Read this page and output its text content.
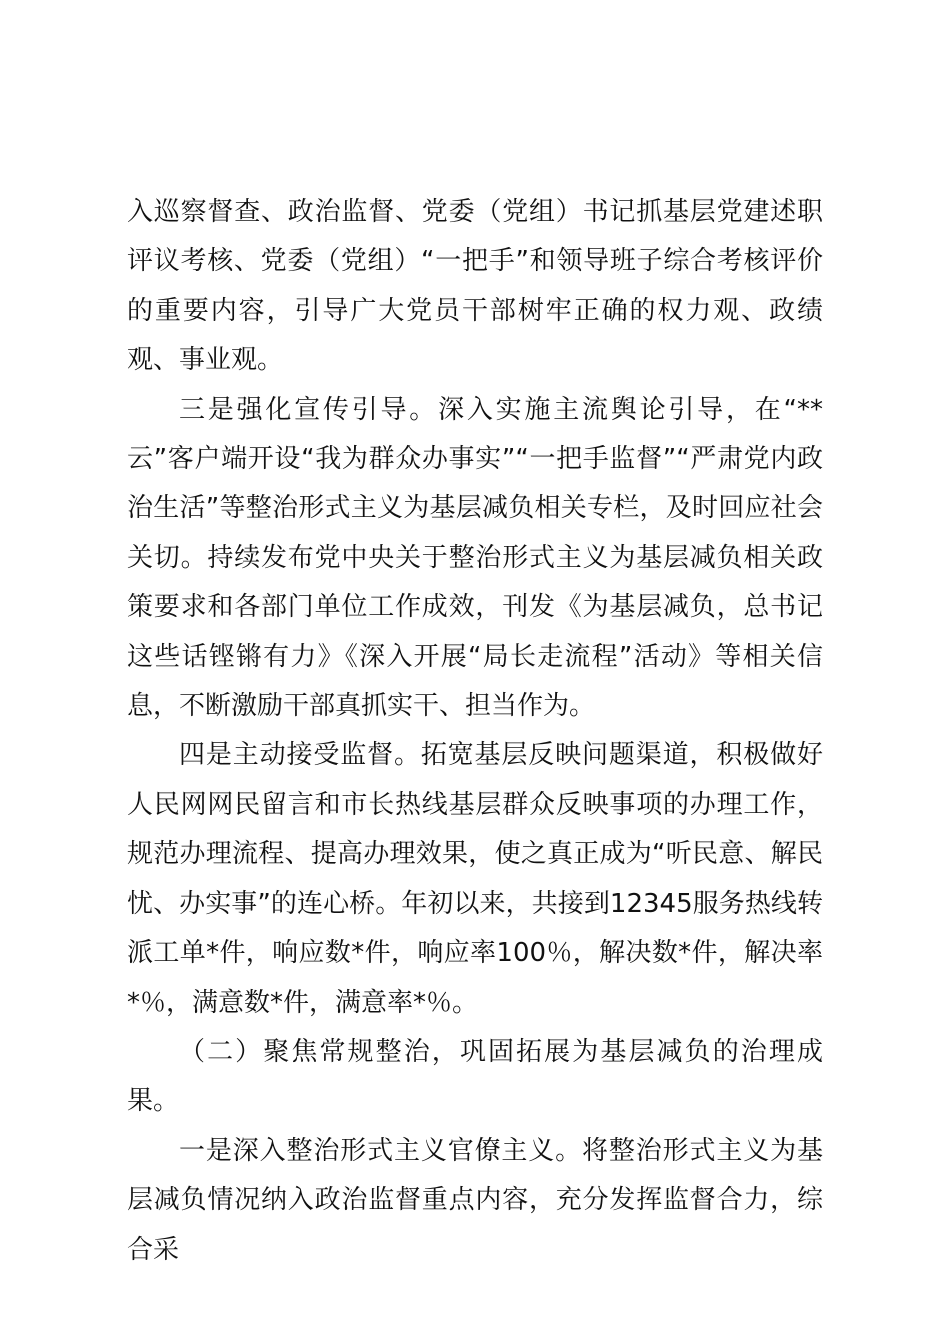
入巡察督查、政治监督、党委（党组）书记抓基层党建述职评议考核、党委（党组）“一把手”和领导班子综合考核评价的重要内容，引导广大党员干部树牢正确的权力观、政绩观、事业观。

三是强化宣传引导。深入实施主流舆论引导，在“**云”客户端开设“我为群众办事实”“一把手监督”“严肃党内政治生活”等整治形式主义为基层减负相关专栏，及时回应社会关切。持续发布党中央关于整治形式主义为基层减负相关政策要求和各部门单位工作成效，刊发《为基层减负，总书记这些话铿锵有力》《深入开展“局长走流程”活动》等相关信息，不断激励干部真抓实干、担当作为。

四是主动接受监督。拓宽基层反映问题渠道，积极做好人民网网民留言和市长热线基层群众反映事项的办理工作，规范办理流程、提高办理效果，使之真正成为“听民意、解民忧、办实事”的连心桥。年初以来，共接到12345服务热线转派工单*件，响应数*件，响应率100％，解决数*件，解决率*％，满意数*件，满意率*％。

（二）聚焦常规整治，巩固拓展为基层减负的治理成果。

一是深入整治形式主义官僚主义。将整治形式主义为基层减负情况纳入政治监督重点内容，充分发挥监督合力，综合采
